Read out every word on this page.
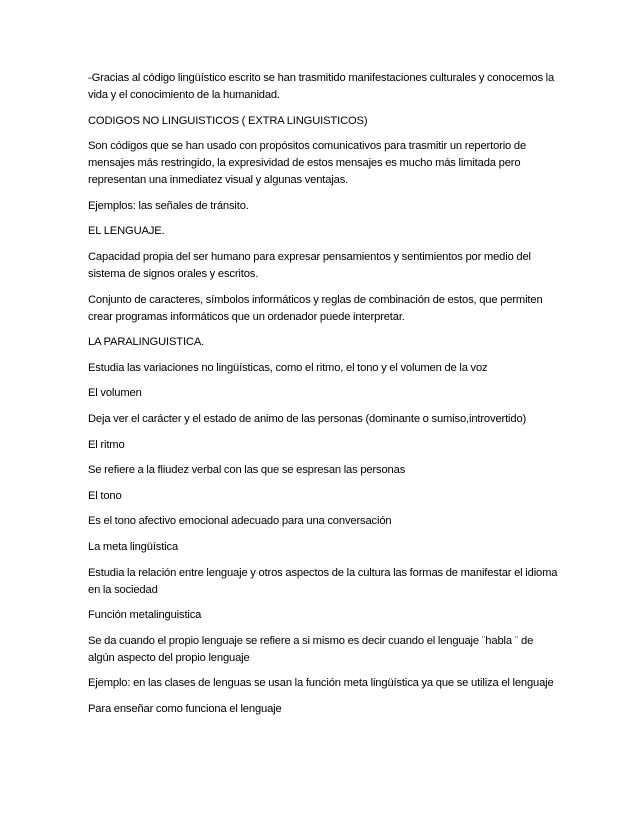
-Gracias al código lingüístico escrito se han trasmitido manifestaciones culturales y conocemos la vida y el conocimiento de la humanidad.

CODIGOS NO LINGUISTICOS ( EXTRA LINGUISTICOS)

Son códigos que se han usado con propósitos comunicativos para trasmitir un repertorio de mensajes más restringido, la expresividad de estos mensajes es mucho más limitada pero representan una inmediatez visual y algunas ventajas.

Ejemplos: las señales de tránsito.

EL LENGUAJE.

Capacidad propia del ser humano para expresar pensamientos y sentimientos por medio del sistema de signos orales y escritos.

Conjunto de caracteres, símbolos informáticos y reglas de combinación de estos, que permiten crear programas informáticos que un ordenador puede interpretar.

LA PARALINGUISTICA.

Estudia las variaciones no lingüísticas, como el ritmo, el tono y el volumen de la voz

El volumen

Deja ver el carácter y el estado de animo de las personas (dominante o sumiso,introvertido)

El ritmo

Se refiere a la fliudez verbal con las que se espresan las personas

El tono

Es el tono afectivo emocional adecuado para una conversación

La meta lingüística

Estudia la relación entre lenguaje y otros aspectos de la cultura las formas de manifestar el idioma en la sociedad

Función metalinguistica

Se da cuando el propio lenguaje se refiere a si mismo es decir cuando el lenguaje ¨habla ¨ de algún aspecto del propio lenguaje

Ejemplo: en las clases de lenguas se usan la función meta lingüística ya que se utiliza el lenguaje

Para enseñar como funciona el lenguaje
